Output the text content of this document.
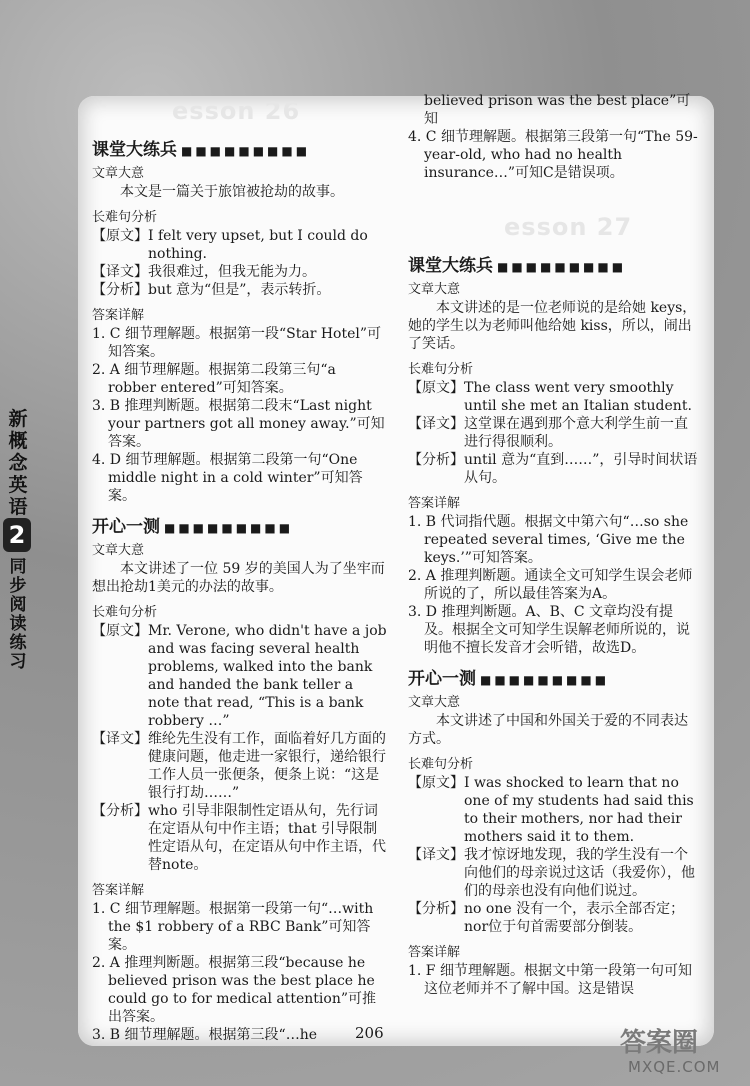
新概念英语
2
同步阅读练习
esson 26
课堂大练兵 ■■■■■■■■■
文章大意
本文是一篇关于旅馆被抢劫的故事。
长难句分析
【原文】 I felt very upset, but I could do nothing.
【译文】 我很难过，但我无能为力。
【分析】 but 意为“但是”，表示转折。
答案详解
1. C 细节理解题。根据第一段“Star Hotel”可知答案。
2. A 细节理解题。根据第二段第三句“a robber entered”可知答案。
3. B 推理判断题。根据第二段末“Last night your partners got all money away.”可知答案。
4. D 细节理解题。根据第二段第一句“One middle night in a cold winter”可知答案。
开心一测 ■■■■■■■■■
文章大意
本文讲述了一位 59 岁的美国人为了坐牢而想出抢劫1美元的办法的故事。
长难句分析
【原文】 Mr. Verone, who didn't have a job and was facing several health problems, walked into the bank and handed the bank teller a note that read, “This is a bank robbery …”
【译文】 维纶先生没有工作，面临着好几方面的健康问题，他走进一家银行，递给银行工作人员一张便条，便条上说：“这是银行打劫……”
【分析】 who 引导非限制性定语从句，先行词在定语从句中作主语；that 引导限制性定语从句，在定语从句中作主语，代替note。
答案详解
1. C 细节理解题。根据第一段第一句“…with the $1 robbery of a RBC Bank”可知答案。
2. A 推理判断题。根据第三段“because he believed prison was the best place he could go to for medical attention”可推出答案。
3. B 细节理解题。根据第三段“…he
believed prison was the best place”可知
4. C 细节理解题。根据第三段第一句“The 59-year-old, who had no health insurance…”可知C是错误项。
esson 27
课堂大练兵 ■■■■■■■■■
文章大意
本文讲述的是一位老师说的是给她 keys，她的学生以为老师叫他给她 kiss，所以，闹出了笑话。
长难句分析
【原文】 The class went very smoothly until she met an Italian student.
【译文】 这堂课在遇到那个意大利学生前一直进行得很顺利。
【分析】 until 意为“直到……”，引导时间状语从句。
答案详解
1. B 代词指代题。根据文中第六句“…so she repeated several times, ‘Give me the keys.’”可知答案。
2. A 推理判断题。通读全文可知学生误会老师所说的了，所以最佳答案为A。
3. D 推理判断题。A、B、C 文章均没有提及。根据全文可知学生误解老师所说的，说明他不擅长发音才会听错，故选D。
开心一测 ■■■■■■■■■
文章大意
本文讲述了中国和外国关于爱的不同表达方式。
长难句分析
【原文】 I was shocked to learn that no one of my students had said this to their mothers, nor had their mothers said it to them.
【译文】 我才惊讶地发现，我的学生没有一个向他们的母亲说过这话（我爱你），他们的母亲也没有向他们说过。
【分析】 no one 没有一个，表示全部否定；nor位于句首需要部分倒装。
答案详解
1. F 细节理解题。根据文中第一段第一句可知这位老师并不了解中国。这是错误
206	答案圈
MXQE.COM
